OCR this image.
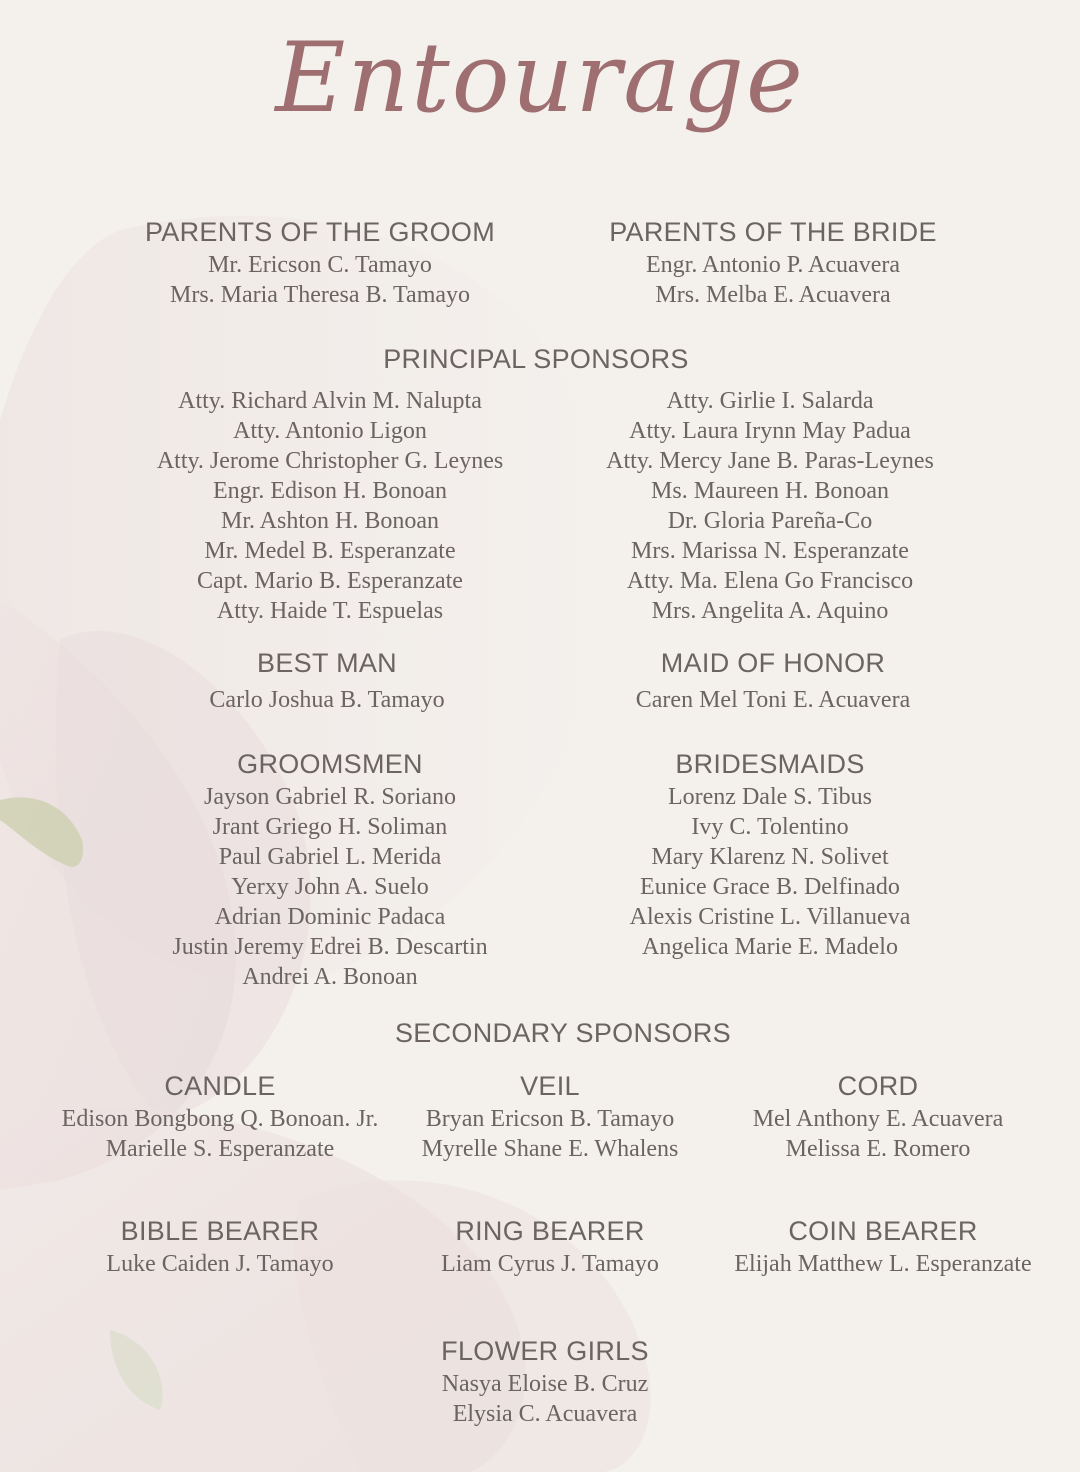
Entourage
PARENTS OF THE GROOM
Mr. Ericson C. Tamayo
Mrs. Maria Theresa B. Tamayo
PARENTS OF THE BRIDE
Engr. Antonio P. Acuavera
Mrs. Melba E. Acuavera
PRINCIPAL SPONSORS
Atty. Richard Alvin M. Nalupta
Atty. Antonio Ligon
Atty. Jerome Christopher G. Leynes
Engr. Edison H. Bonoan
Mr. Ashton H. Bonoan
Mr. Medel B. Esperanzate
Capt. Mario B. Esperanzate
Atty. Haide T. Espuelas
Atty. Girlie I. Salarda
Atty. Laura Irynn May Padua
Atty. Mercy Jane B. Paras-Leynes
Ms. Maureen H. Bonoan
Dr. Gloria Pareña-Co
Mrs. Marissa N. Esperanzate
Atty. Ma. Elena Go Francisco
Mrs. Angelita A. Aquino
BEST MAN
Carlo Joshua B. Tamayo
MAID OF HONOR
Caren Mel Toni E. Acuavera
GROOMSMEN
Jayson Gabriel R. Soriano
Jrant Griego H. Soliman
Paul Gabriel L. Merida
Yerxy John A. Suelo
Adrian Dominic Padaca
Justin Jeremy Edrei B. Descartin
Andrei A. Bonoan
BRIDESMAIDS
Lorenz Dale S. Tibus
Ivy C. Tolentino
Mary Klarenz N. Solivet
Eunice Grace B. Delfinado
Alexis Cristine L. Villanueva
Angelica Marie E. Madelo
SECONDARY SPONSORS
CANDLE
Edison Bongbong Q. Bonoan. Jr.
Marielle S. Esperanzate
VEIL
Bryan Ericson B. Tamayo
Myrelle Shane E. Whalens
CORD
Mel Anthony E. Acuavera
Melissa E. Romero
BIBLE BEARER
Luke Caiden J. Tamayo
RING BEARER
Liam Cyrus J. Tamayo
COIN BEARER
Elijah Matthew L. Esperanzate
FLOWER GIRLS
Nasya Eloise B. Cruz
Elysia C. Acuavera
